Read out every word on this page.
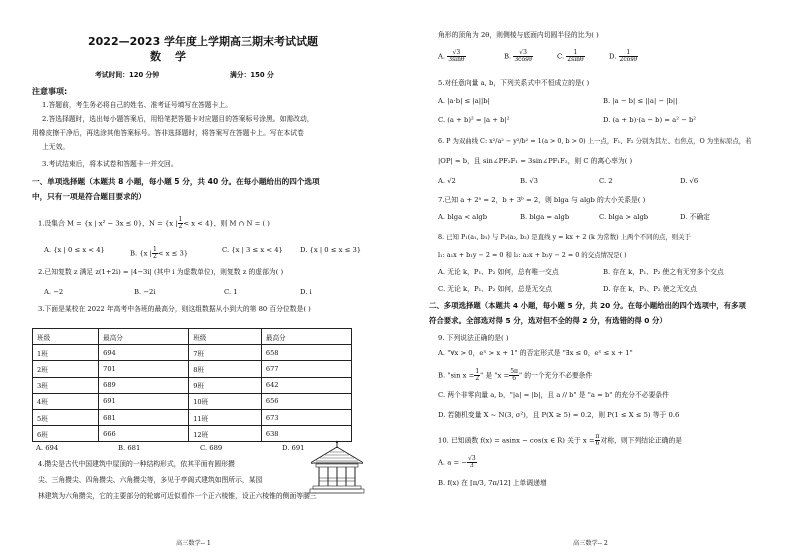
2022—2023 学年度上学期高三期末考试试题
数学
考试时间：120 分钟	满分：150 分
注意事项:
1.答题前，考生务必将自己的姓名、准考证号填写在答题卡上。
2.答选择题时，选出每小题答案后，用铅笔把答题卡对应题目的答案标号涂黑。如需改动，
用橡皮擦干净后，再选涂其他答案标号。答非选择题时，将答案写在答题卡上。写在本试卷
上无效。
3.考试结束后，将本试卷和答题卡一并交回。
一、单项选择题（本题共 8 小题，每小题 5 分，共 40 分。在每小题给出的四个选项
中，只有一项是符合题目要求的）
1.设集合 M = {x | x² − 3x ≤ 0}，N = {x | $\frac{1}{2} < x < 4$}，则 M ∩ N = ( )
A. {x | 0 ≤ x < 4}	B. {x | $\frac{1}{2} < x \le 3$}	C. {x | 3 ≤ x < 4}	D. {x | 0 ≤ x ≤ 3}
2.已知复数 z 满足 z(1+2i) = |4−3i| (其中 i 为虚数单位)，则复数 z 的虚部为( )
A. −2	B. −2i	C. 1	D. i
3.下面是某校在 2022 年高考中各班的最高分，则这组数据从小到大的第 80 百分位数是( )
班级	最高分	班级	最高分
1班	694	7班	658
2班	701	8班	677
3班	689	9班	642
4班	691	10班	656
5班	681	11班	673
6班	666	12班	638
A. 694	B. 681	C. 689	D. 691
4.攒尖是古代中国建筑中屋顶的一种结构形式，依其平面有圆形攒
尖、三角攒尖、四角攒尖、六角攒尖等，多见于亭阁式建筑如图所示，某园
林建筑为六角攒尖，它的主要部分的轮廓可近似看作一个正六棱锥，设正六棱锥的侧面等腰三
高三数学-- 1
角形的顶角为 2θ，则侧棱与底面内切圆半径的比为( )
A. $\frac{√3}{3\sin\theta}$	B. $\frac{√3}{3\cos\theta}$	C. $\frac{1}{2\sin\theta}$	D. $\frac{1}{2\cos\theta}$
5.对任意向量 a, b，下列关系式中不恒成立的是( )
A. |a·b| ≤ |a||b|	B. |a − b| ≤ ||a| − |b||
C. (a + b)² = |a + b|²	D. (a + b)·(a − b) = a² − b²
6. P 为双曲线 C: x²/a² − y²/b² = 1(a > 0, b > 0) 上一点，F₁、F₂ 分别为其左、右焦点，O 为坐标原点，若
|OP| = b，且 sin∠PF₂F₁ = 3sin∠PF₁F₂，则 C 的离心率为( )
A. √2	B. √3	C. 2	D. √6
7.已知 a + 2ᵃ = 2，b + 3ᵇ = 2，则 blga 与 algb 的大小关系是( )
A. blga < algb	B. blga = algb	C. blga > algb	D. 不确定
8. 已知 P₁(a₁, b₁) 与 P₂(a₂, b₂) 是直线 y = kx + 2 (k 为常数) 上两个不同的点，则关于
l₁: a₁x + b₁y − 2 = 0 和 l₂: a₂x + b₂y − 2 = 0 的交点情况是( )
A. 无论 k，P₁、P₂ 如何，总有唯一交点	B. 存在 k，P₁、P₂ 使之有无穷多个交点
C. 无论 k，P₁、P₂ 如何，总是无交点	D. 存在 k，P₁、P₂ 使之无交点
二、多项选择题（本题共 4 小题，每小题 5 分，共 20 分。在每小题给出的四个选项中，有多项
符合要求。全部选对得 5 分，选对但不全的得 2 分，有选错的得 0 分）
9. 下列说法正确的是( )
A. "∀x > 0，eˣ > x + 1" 的否定形式是 "∃x ≤ 0，eˣ ≤ x + 1"
B. "sin $x = \frac{1}{2}$ " 是 "$x = \frac{5\pi}{6}$ " 的一个充分不必要条件
C. 两个非零向量 a, b，"|a| = |b|，且 a // b" 是 "a = b" 的充分不必要条件
D. 若随机变量 X ~ N(3, σ²)，且 P(X ≥ 5) = 0.2，则 P(1 ≤ X ≤ 5) 等于 0.6
10. 已知函数 f(x) = asinx − cos(x ∈ R) 关于 $x = \frac{\pi}{6}$ 对称，则下列结论正确的是
A. a = − $\frac{√3}{3}$
B. f(x) 在 [π/3, 7π/12] 上单调递增
高三数学-- 2
